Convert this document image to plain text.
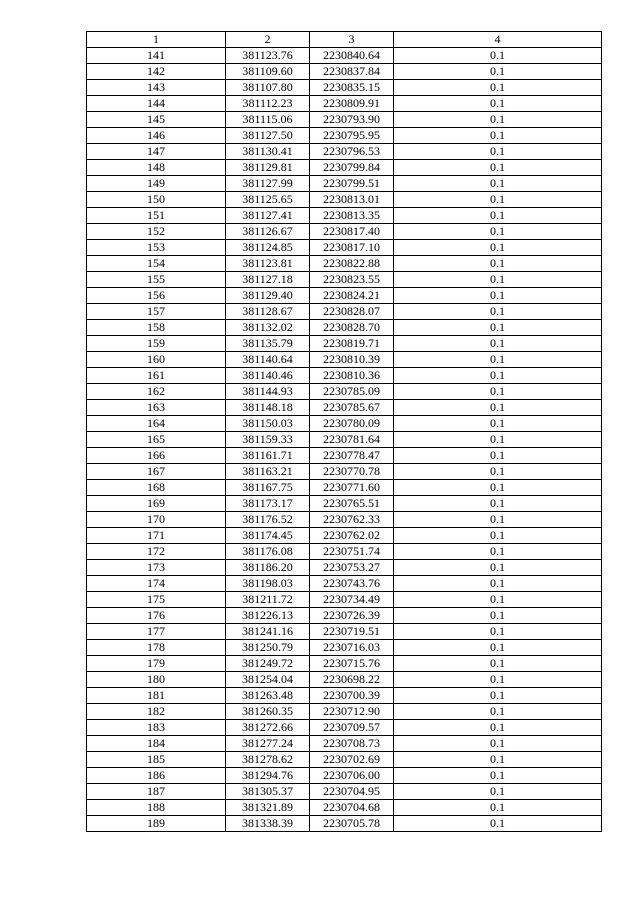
1	2	3	4
141	381123.76	2230840.64	0.1
142	381109.60	2230837.84	0.1
143	381107.80	2230835.15	0.1
144	381112.23	2230809.91	0.1
145	381115.06	2230793.90	0.1
146	381127.50	2230795.95	0.1
147	381130.41	2230796.53	0.1
148	381129.81	2230799.84	0.1
149	381127.99	2230799.51	0.1
150	381125.65	2230813.01	0.1
151	381127.41	2230813.35	0.1
152	381126.67	2230817.40	0.1
153	381124.85	2230817.10	0.1
154	381123.81	2230822.88	0.1
155	381127.18	2230823.55	0.1
156	381129.40	2230824.21	0.1
157	381128.67	2230828.07	0.1
158	381132.02	2230828.70	0.1
159	381135.79	2230819.71	0.1
160	381140.64	2230810.39	0.1
161	381140.46	2230810.36	0.1
162	381144.93	2230785.09	0.1
163	381148.18	2230785.67	0.1
164	381150.03	2230780.09	0.1
165	381159.33	2230781.64	0.1
166	381161.71	2230778.47	0.1
167	381163.21	2230770.78	0.1
168	381167.75	2230771.60	0.1
169	381173.17	2230765.51	0.1
170	381176.52	2230762.33	0.1
171	381174.45	2230762.02	0.1
172	381176.08	2230751.74	0.1
173	381186.20	2230753.27	0.1
174	381198.03	2230743.76	0.1
175	381211.72	2230734.49	0.1
176	381226.13	2230726.39	0.1
177	381241.16	2230719.51	0.1
178	381250.79	2230716.03	0.1
179	381249.72	2230715.76	0.1
180	381254.04	2230698.22	0.1
181	381263.48	2230700.39	0.1
182	381260.35	2230712.90	0.1
183	381272.66	2230709.57	0.1
184	381277.24	2230708.73	0.1
185	381278.62	2230702.69	0.1
186	381294.76	2230706.00	0.1
187	381305.37	2230704.95	0.1
188	381321.89	2230704.68	0.1
189	381338.39	2230705.78	0.1
